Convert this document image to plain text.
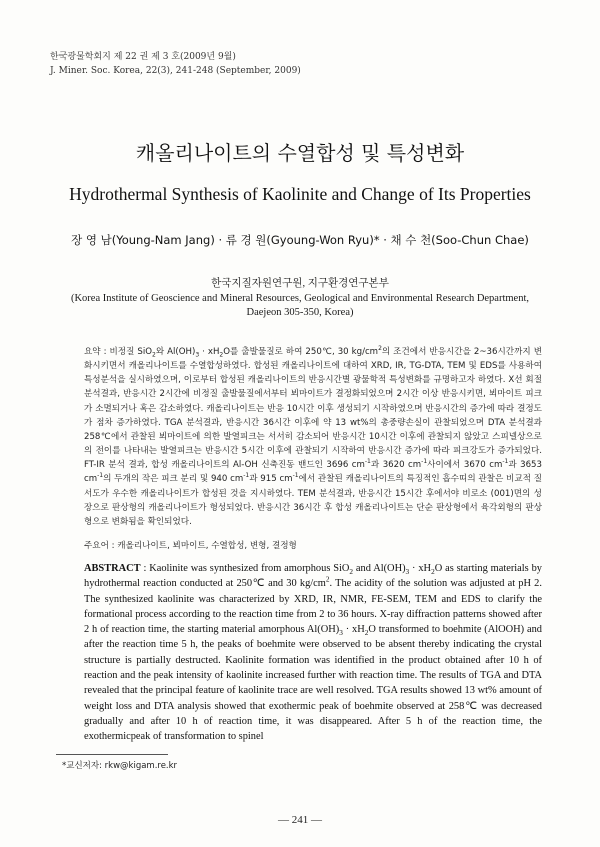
한국광물학회지 제 22 권 제 3 호(2009년 9월)
J. Miner. Soc. Korea, 22(3), 241-248 (September, 2009)
캐올리나이트의 수열합성 및 특성변화
Hydrothermal Synthesis of Kaolinite and Change of Its Properties
장 영 남(Young-Nam Jang) · 류 경 원(Gyoung-Won Ryu)* · 채 수 천(Soo-Chun Chae)
한국지질자원연구원, 지구환경연구본부
(Korea Institute of Geoscience and Mineral Resources, Geological and Environmental Research Department,
Daejeon 305-350, Korea)

요약 : 비정질 SiO$_2$와 $Al(OH)_3 \cdot xH_2O$를 출발물질로 하여 250℃, 30 $kg/cm^2$의 조건에서 반응시간을 2~36시간까지 변화시키면서 캐올리나이트를 수열합성하였다. 합성된 캐올리나이트에 대하여 XRD, IR, TG-DTA, TEM 및 EDS를 사용하여 특성분석을 실시하였으며, 이로부터 합성된 캐올리나이트의 반응시간별 광물학적 특성변화를 규명하고자 하였다. X선 회절 분석결과, 반응시간 2시간에 비정질 출발물질에서부터 뵈마이트가 결정화되었으며 2시간 이상 반응시키면, 뵈마이트 피크가 소멸되거나 혹은 감소하였다. 캐올리나이트는 반응 10시간 이후 생성되기 시작하였으며 반응시간의 증가에 따라 결정도가 점차 증가하였다. TGA 분석결과, 반응시간 36시간 이후에 약 13 wt%의 총중량손실이 관찰되었으며 DTA 분석결과 258℃에서 관찰된 뵈마이트에 의한 발열피크는 서서히 감소되어 반응시간 10시간 이후에 관찰되지 않았고 스피넬상으로의 전이를 나타내는 발열피크는 반응시간 5시간 이후에 관찰되기 시작하여 반응시간 증가에 따라 피크강도가 증가되었다. FT-IR 분석 결과, 합성 캐올리나이트의 Al-OH 신축진동 밴드인 3696 $cm^{-1}$과 3620 $cm^{-1}$사이에서 3670 $cm^{-1}$과 3653 $cm^{-1}$의 두개의 작은 피크 분리 및 940 $cm^{-1}$과 915 $cm^{-1}$에서 관찰된 캐올리나이트의 특징적인 흡수띠의 관찰은 비교적 질서도가 우수한 캐올리나이트가 합성된 것을 지시하였다. TEM 분석결과, 반응시간 15시간 후에서야 비로소 (001)면의 성장으로 판상형의 캐올리나이트가 형성되었다. 반응시간 36시간 후 합성 캐올리나이트는 단순 판상형에서 육각외형의 판상형으로 변화됨을 확인되었다.

주요어 : 캐올리나이트, 뵈마이트, 수열합성, 변형, 결정형

ABSTRACT : Kaolinite was synthesized from amorphous SiO$_2$ and $Al(OH)_3 \cdot xH_2O$ as starting materials by hydrothermal reaction conducted at 250℃ and 30 $kg/cm^2$. The acidity of the solution was adjusted at pH 2. The synthesized kaolinite was characterized by XRD, IR, NMR, FE-SEM, TEM and EDS to clarify the formational process according to the reaction time from 2 to 36 hours. X-ray diffraction patterns showed after 2 h of reaction time, the starting material amorphous $Al(OH)_3 \cdot xH_2O$ transformed to boehmite (AlOOH) and after the reaction time 5 h, the peaks of boehmite were observed to be absent thereby indicating the crystal structure is partially destructed. Kaolinite formation was identified in the product obtained after 10 h of reaction and the peak intensity of kaolinite increased further with reaction time. The results of TGA and DTA revealed that the principal feature of kaolinite trace are well resolved. TGA results showed 13 wt% amount of weight loss and DTA analysis showed that exothermic peak of boehmite observed at 258℃ was decreased gradually and after 10 h of reaction time, it was disappeared. After 5 h of the reaction time, the exothermicpeak of transformation to spinel

*교신저자: rkw@kigam.re.kr
— 241 —
